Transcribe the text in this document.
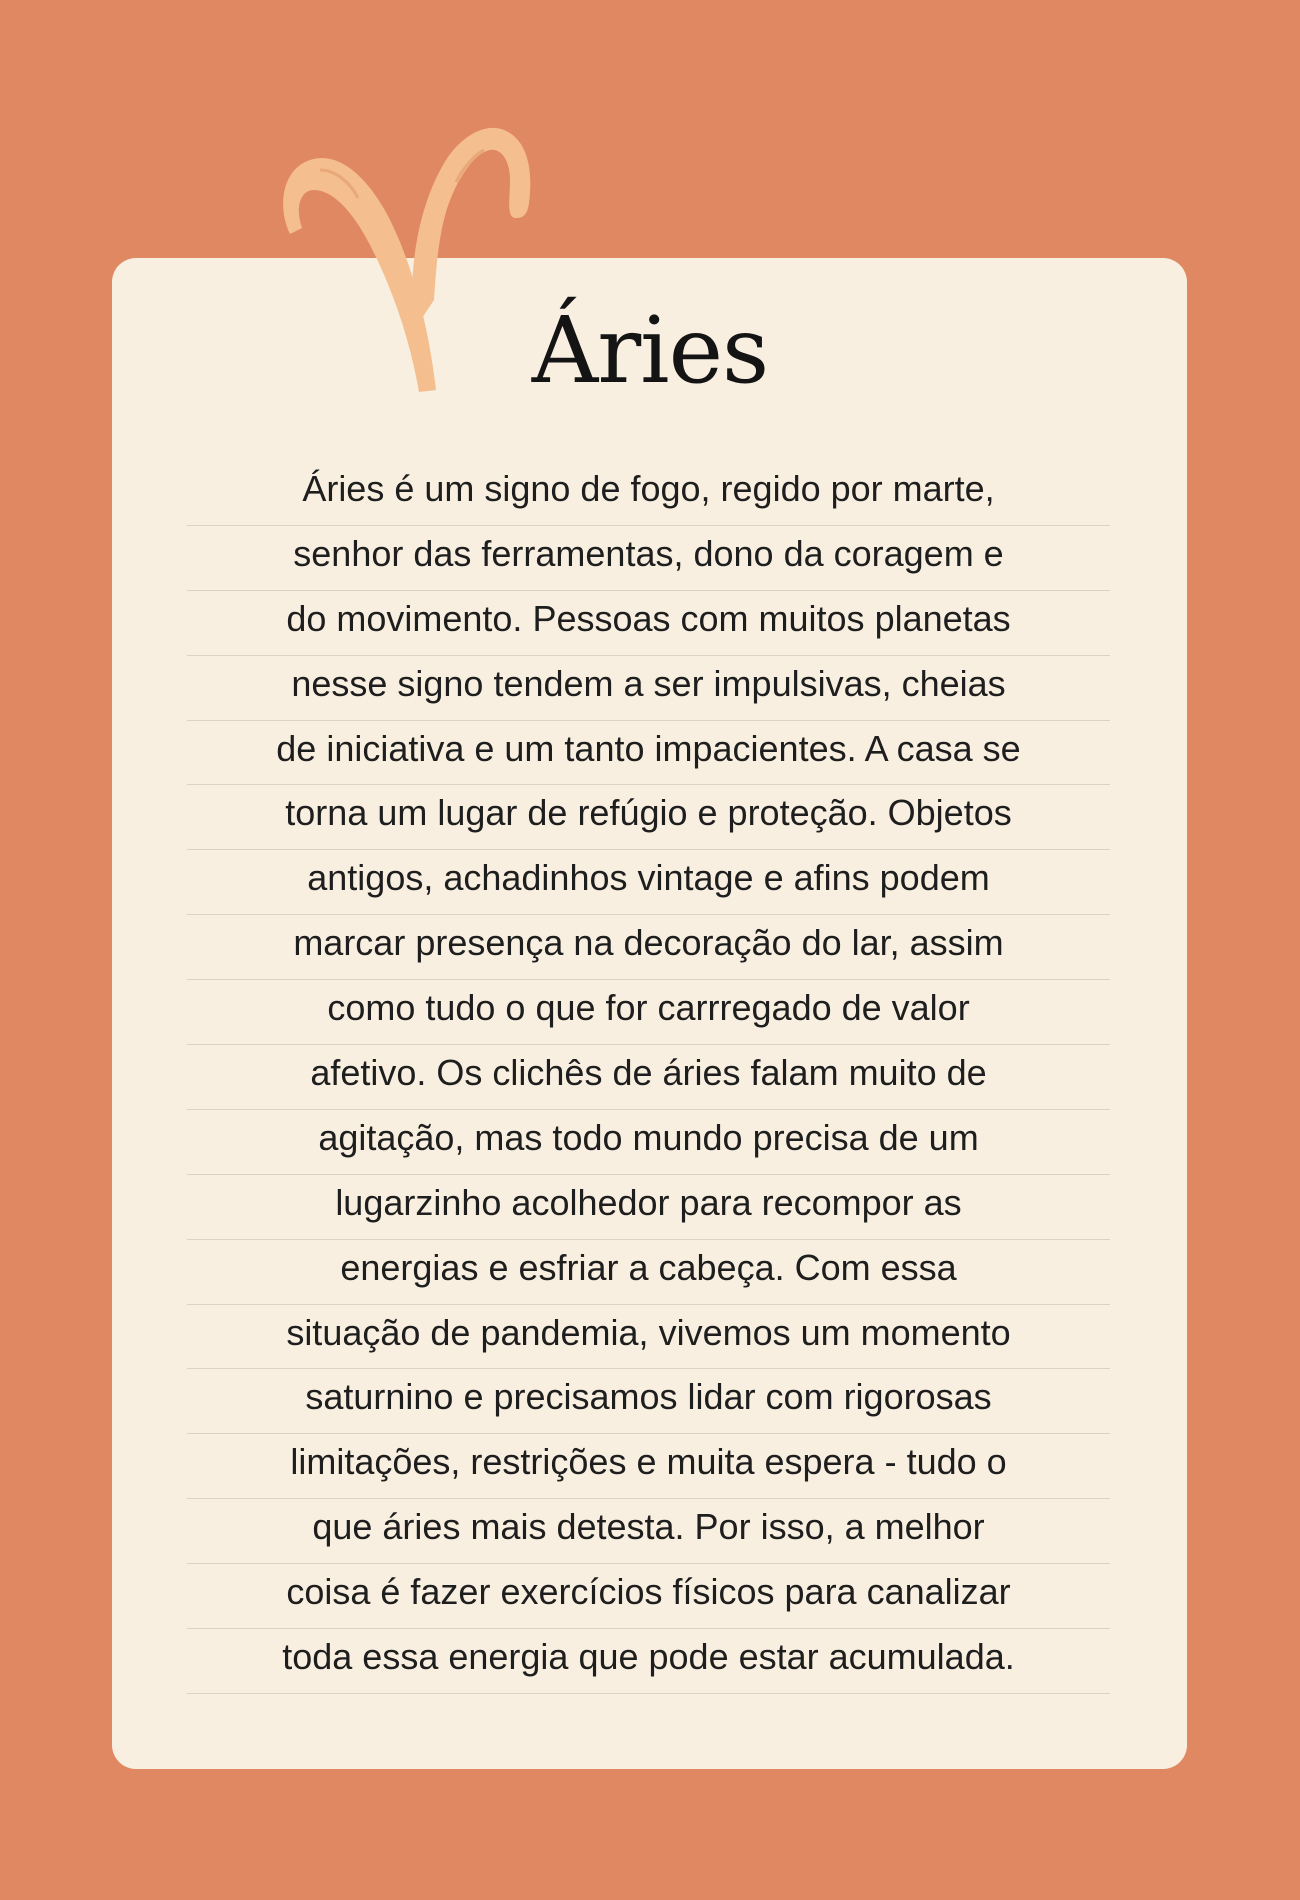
Áries
Áries é um signo de fogo, regido por marte,
senhor das ferramentas, dono da coragem e
do movimento. Pessoas com muitos planetas
nesse signo tendem a ser impulsivas, cheias
de iniciativa e um tanto impacientes. A casa se
torna um lugar de refúgio e proteção. Objetos
antigos, achadinhos vintage e afins podem
marcar presença na decoração do lar, assim
como tudo o que for carrregado de valor
afetivo. Os clichês de áries falam muito de
agitação, mas todo mundo precisa de um
lugarzinho acolhedor para recompor as
energias e esfriar a cabeça. Com essa
situação de pandemia, vivemos um momento
saturnino e precisamos lidar com rigorosas
limitações, restrições e muita espera - tudo o
que áries mais detesta. Por isso, a melhor
coisa é fazer exercícios físicos para canalizar
toda essa energia que pode estar acumulada.
